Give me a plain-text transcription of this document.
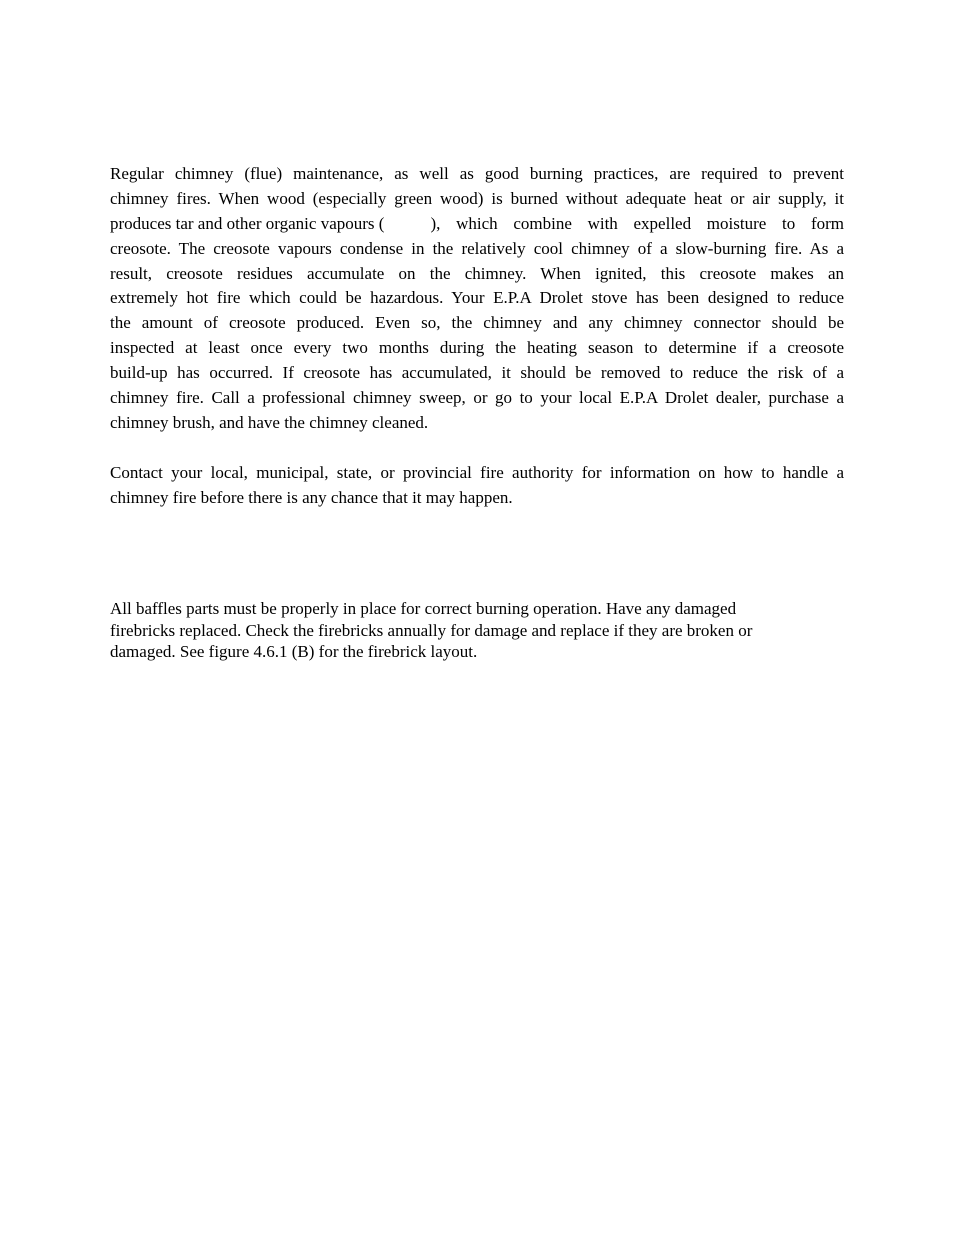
Regular chimney (flue) maintenance, as well as good burning practices, are required to prevent
chimney fires. When wood (especially green wood) is burned without adequate heat or air supply, it
produces tar and other organic vapours (	), which combine with expelled moisture to form
creosote. The creosote vapours condense in the relatively cool chimney of a slow-burning fire. As a
result, creosote residues accumulate on the chimney. When ignited, this creosote makes an
extremely hot fire which could be hazardous. Your E.P.A Drolet stove has been designed to reduce
the amount of creosote produced. Even so, the chimney and any chimney connector should be
inspected at least once every two months during the heating season to determine if a creosote
build-up has occurred. If creosote has accumulated, it should be removed to reduce the risk of a
chimney fire. Call a professional chimney sweep, or go to your local E.P.A Drolet dealer, purchase a
chimney brush, and have the chimney cleaned.
Contact your local, municipal, state, or provincial fire authority for information on how to handle a
chimney fire before there is any chance that it may happen.
All baffles parts must be properly in place for correct burning operation. Have any damaged
firebricks replaced. Check the firebricks annually for damage and replace if they are broken or
damaged. See figure 4.6.1 (B) for the firebrick layout.
